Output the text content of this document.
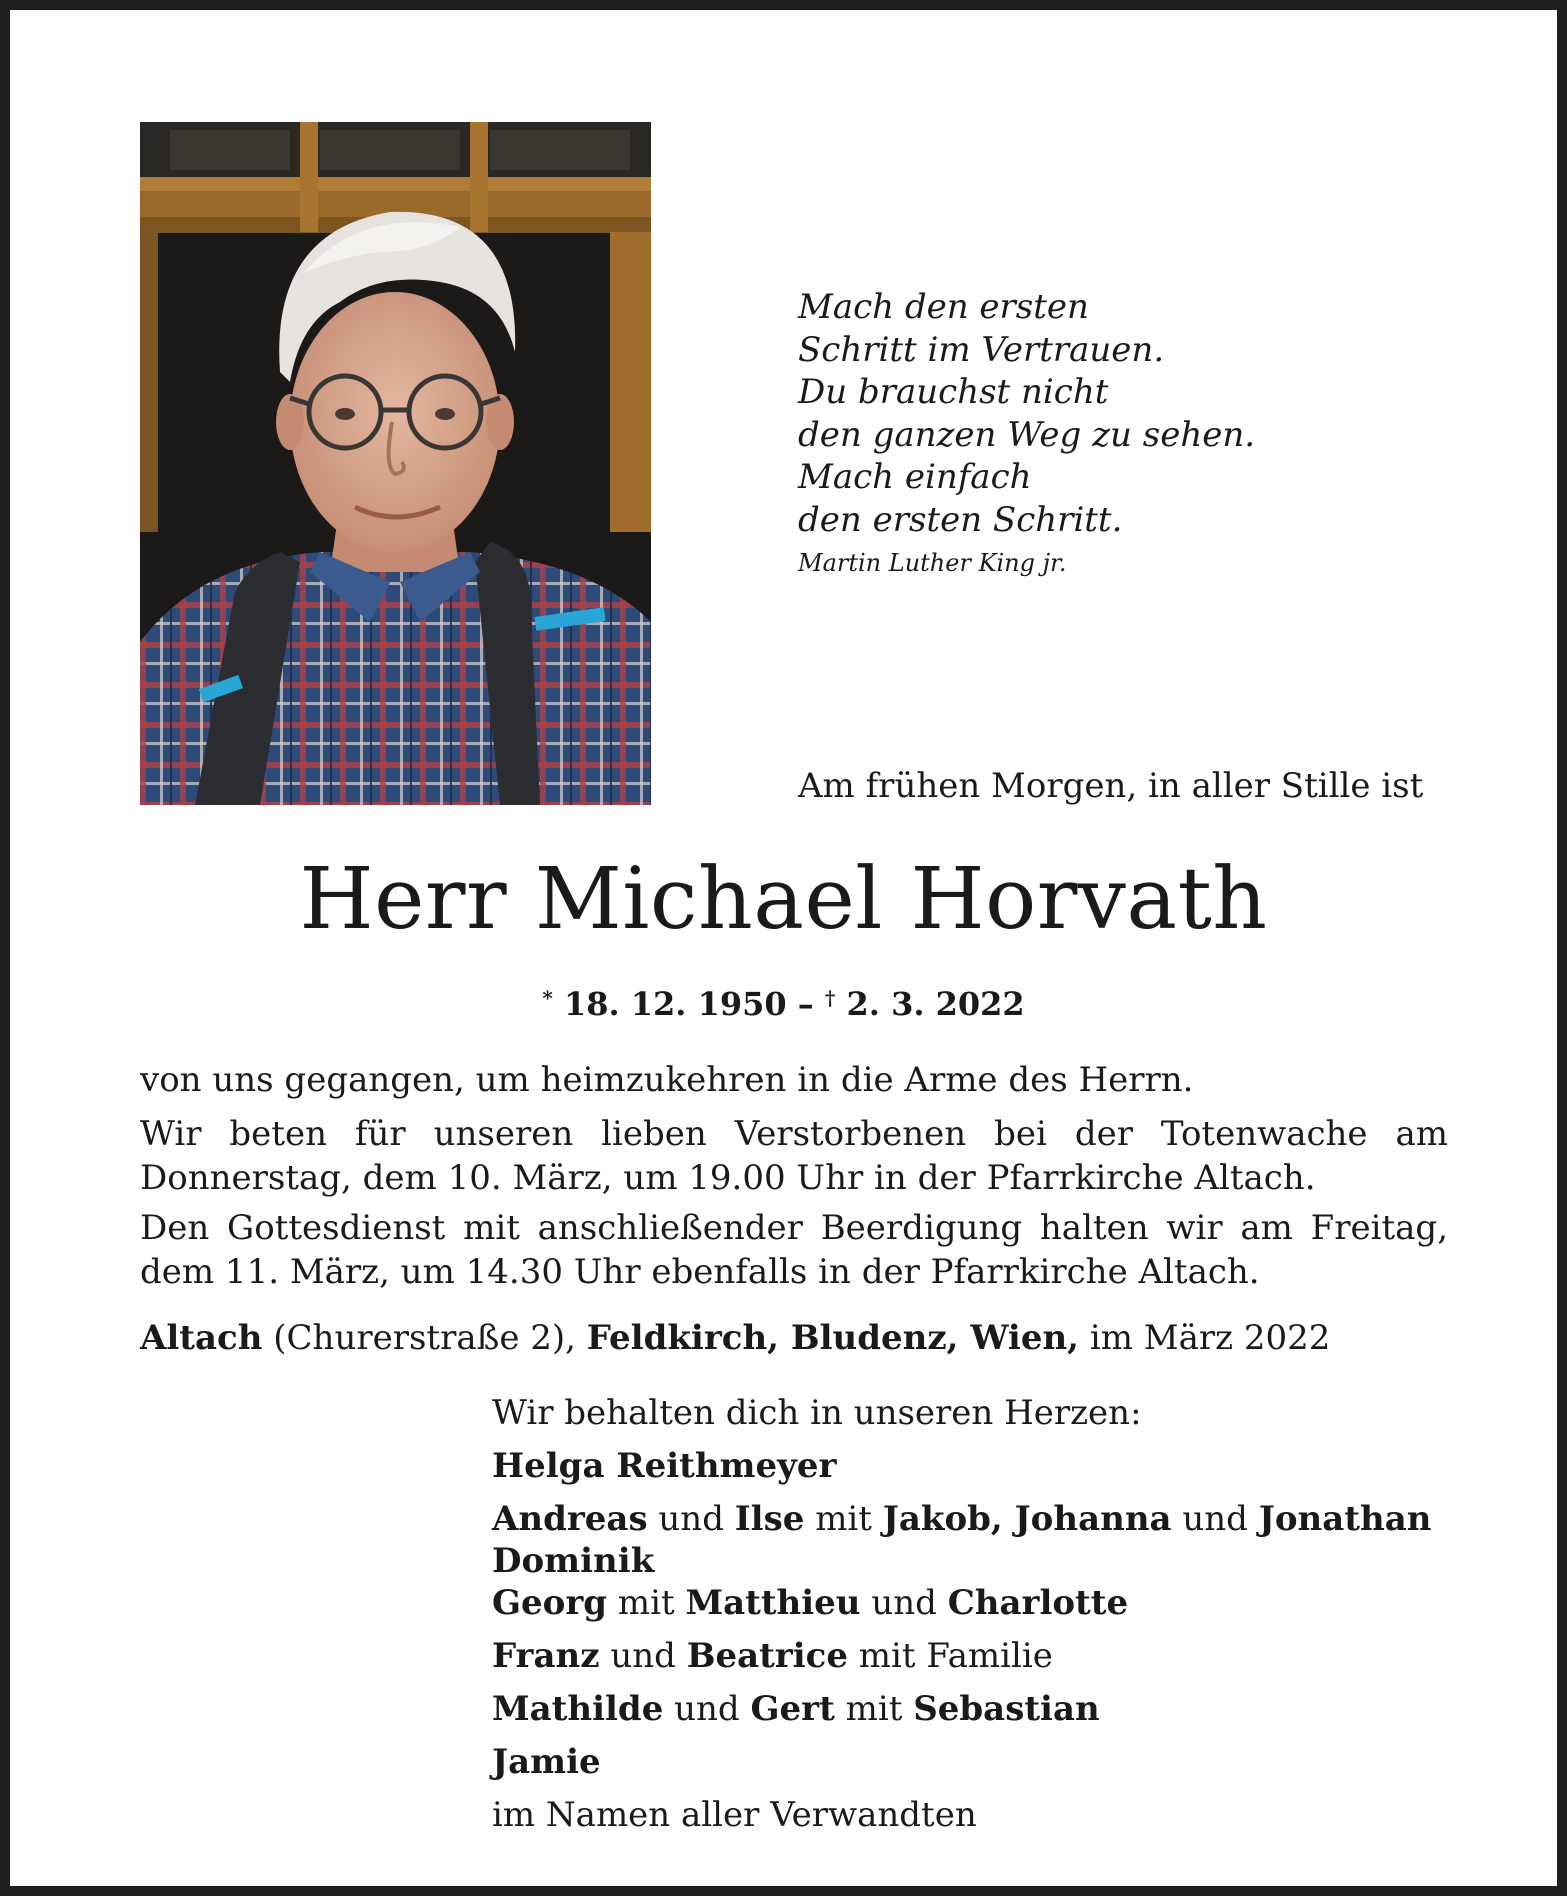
Mach den ersten
Schritt im Vertrauen.
Du brauchst nicht
den ganzen Weg zu sehen.
Mach einfach
den ersten Schritt.
Martin Luther King jr.
Am frühen Morgen, in aller Stille ist
Herr Michael Horvath
* 18. 12. 1950 – † 2. 3. 2022
von uns gegangen, um heimzukehren in die Arme des Herrn.
Wir beten für unseren lieben Verstorbenen bei der Totenwache am Donnerstag, dem 10. März, um 19.00 Uhr in der Pfarrkirche Altach.
Den Gottesdienst mit anschließender Beerdigung halten wir am Freitag, dem 11. März, um 14.30 Uhr ebenfalls in der Pfarrkirche Altach.
Altach (Churerstraße 2), Feldkirch, Bludenz, Wien, im März 2022
Wir behalten dich in unseren Herzen:
Helga Reithmeyer
Andreas und Ilse mit Jakob, Johanna und Jonathan
Dominik
Georg mit Matthieu und Charlotte
Franz und Beatrice mit Familie
Mathilde und Gert mit Sebastian
Jamie
im Namen aller Verwandten
